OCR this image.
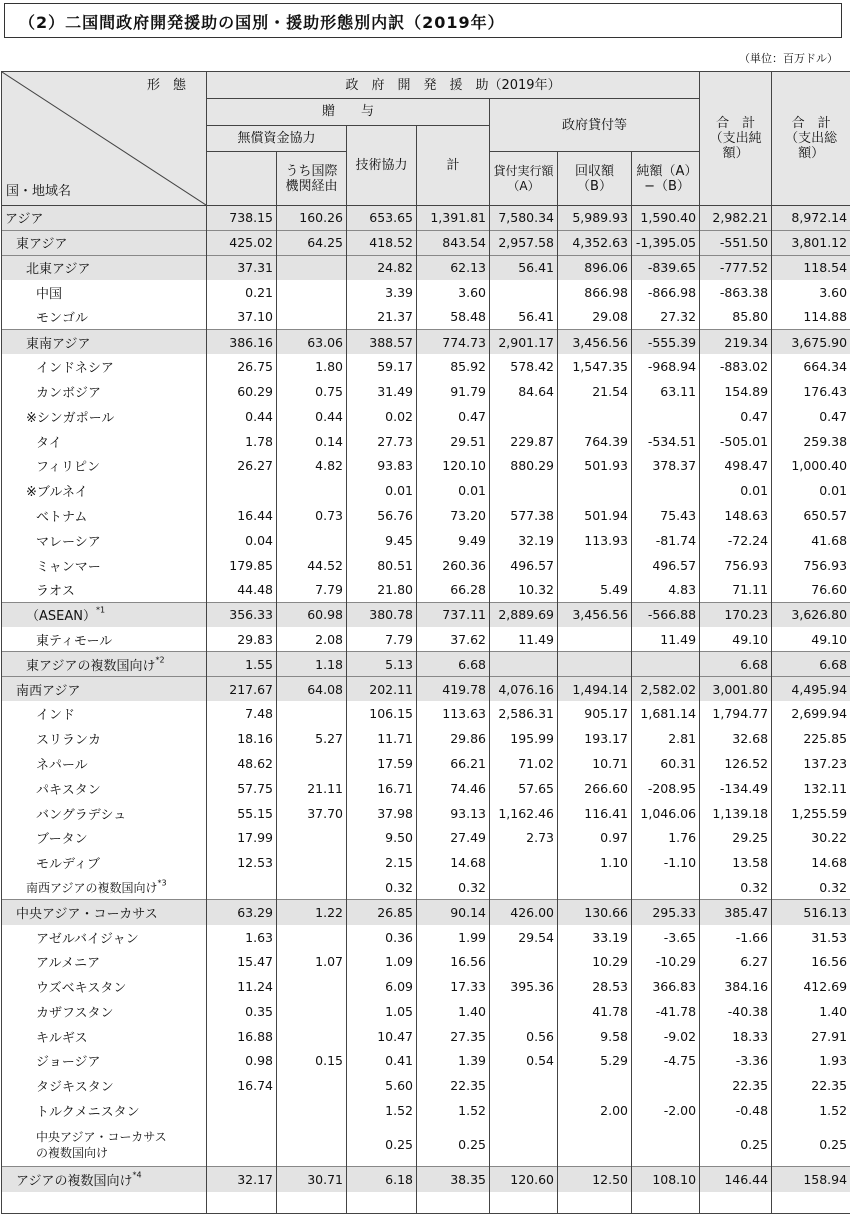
（2）二国間政府開発援助の国別・援助形態別内訳（2019年）
（単位：百万ドル）
形　態
国・地域名	政　府　開　発　援　助（2019年）							合　計（支出純額）	合　計（支出総額）
	贈　　与				政府貸付等				
	無償資金協力		技術協力	計					
		うち国際機関経由			貸付実行額（A）	回収額（B）	純額（A）−（B）		
アジア	738.15	160.26	653.65	1,391.81	7,580.34	5,989.93	1,590.40	2,982.21	8,972.14
東アジア	425.02	64.25	418.52	843.54	2,957.58	4,352.63	-1,395.05	-551.50	3,801.12
北東アジア	37.31		24.82	62.13	56.41	896.06	-839.65	-777.52	118.54
中国	0.21		3.39	3.60		866.98	-866.98	-863.38	3.60
モンゴル	37.10		21.37	58.48	56.41	29.08	27.32	85.80	114.88
東南アジア	386.16	63.06	388.57	774.73	2,901.17	3,456.56	-555.39	219.34	3,675.90
インドネシア	26.75	1.80	59.17	85.92	578.42	1,547.35	-968.94	-883.02	664.34
カンボジア	60.29	0.75	31.49	91.79	84.64	21.54	63.11	154.89	176.43
※シンガポール	0.44	0.44	0.02	0.47				0.47	0.47
タイ	1.78	0.14	27.73	29.51	229.87	764.39	-534.51	-505.01	259.38
フィリピン	26.27	4.82	93.83	120.10	880.29	501.93	378.37	498.47	1,000.40
※ブルネイ			0.01	0.01				0.01	0.01
ベトナム	16.44	0.73	56.76	73.20	577.38	501.94	75.43	148.63	650.57
マレーシア	0.04		9.45	9.49	32.19	113.93	-81.74	-72.24	41.68
ミャンマー	179.85	44.52	80.51	260.36	496.57		496.57	756.93	756.93
ラオス	44.48	7.79	21.80	66.28	10.32	5.49	4.83	71.11	76.60
（ASEAN）$^{*1}$	356.33	60.98	380.78	737.11	2,889.69	3,456.56	-566.88	170.23	3,626.80
東ティモール	29.83	2.08	7.79	37.62	11.49		11.49	49.10	49.10
東アジアの複数国向け$^{*2}$	1.55	1.18	5.13	6.68				6.68	6.68
南西アジア	217.67	64.08	202.11	419.78	4,076.16	1,494.14	2,582.02	3,001.80	4,495.94
インド	7.48		106.15	113.63	2,586.31	905.17	1,681.14	1,794.77	2,699.94
スリランカ	18.16	5.27	11.71	29.86	195.99	193.17	2.81	32.68	225.85
ネパール	48.62		17.59	66.21	71.02	10.71	60.31	126.52	137.23
パキスタン	57.75	21.11	16.71	74.46	57.65	266.60	-208.95	-134.49	132.11
バングラデシュ	55.15	37.70	37.98	93.13	1,162.46	116.41	1,046.06	1,139.18	1,255.59
ブータン	17.99		9.50	27.49	2.73	0.97	1.76	29.25	30.22
モルディブ	12.53		2.15	14.68		1.10	-1.10	13.58	14.68
南西アジアの複数国向け$^{*3}$			0.32	0.32				0.32	0.32
中央アジア・コーカサス	63.29	1.22	26.85	90.14	426.00	130.66	295.33	385.47	516.13
アゼルバイジャン	1.63		0.36	1.99	29.54	33.19	-3.65	-1.66	31.53
アルメニア	15.47	1.07	1.09	16.56		10.29	-10.29	6.27	16.56
ウズベキスタン	11.24		6.09	17.33	395.36	28.53	366.83	384.16	412.69
カザフスタン	0.35		1.05	1.40		41.78	-41.78	-40.38	1.40
キルギス	16.88		10.47	27.35	0.56	9.58	-9.02	18.33	27.91
ジョージア	0.98	0.15	0.41	1.39	0.54	5.29	-4.75	-3.36	1.93
タジキスタン	16.74		5.60	22.35				22.35	22.35
トルクメニスタン			1.52	1.52		2.00	-2.00	-0.48	1.52
中央アジア・コーカサス
の複数国向け			0.25	0.25				0.25	0.25
アジアの複数国向け$^{*4}$	32.17	30.71	6.18	38.35	120.60	12.50	108.10	146.44	158.94
